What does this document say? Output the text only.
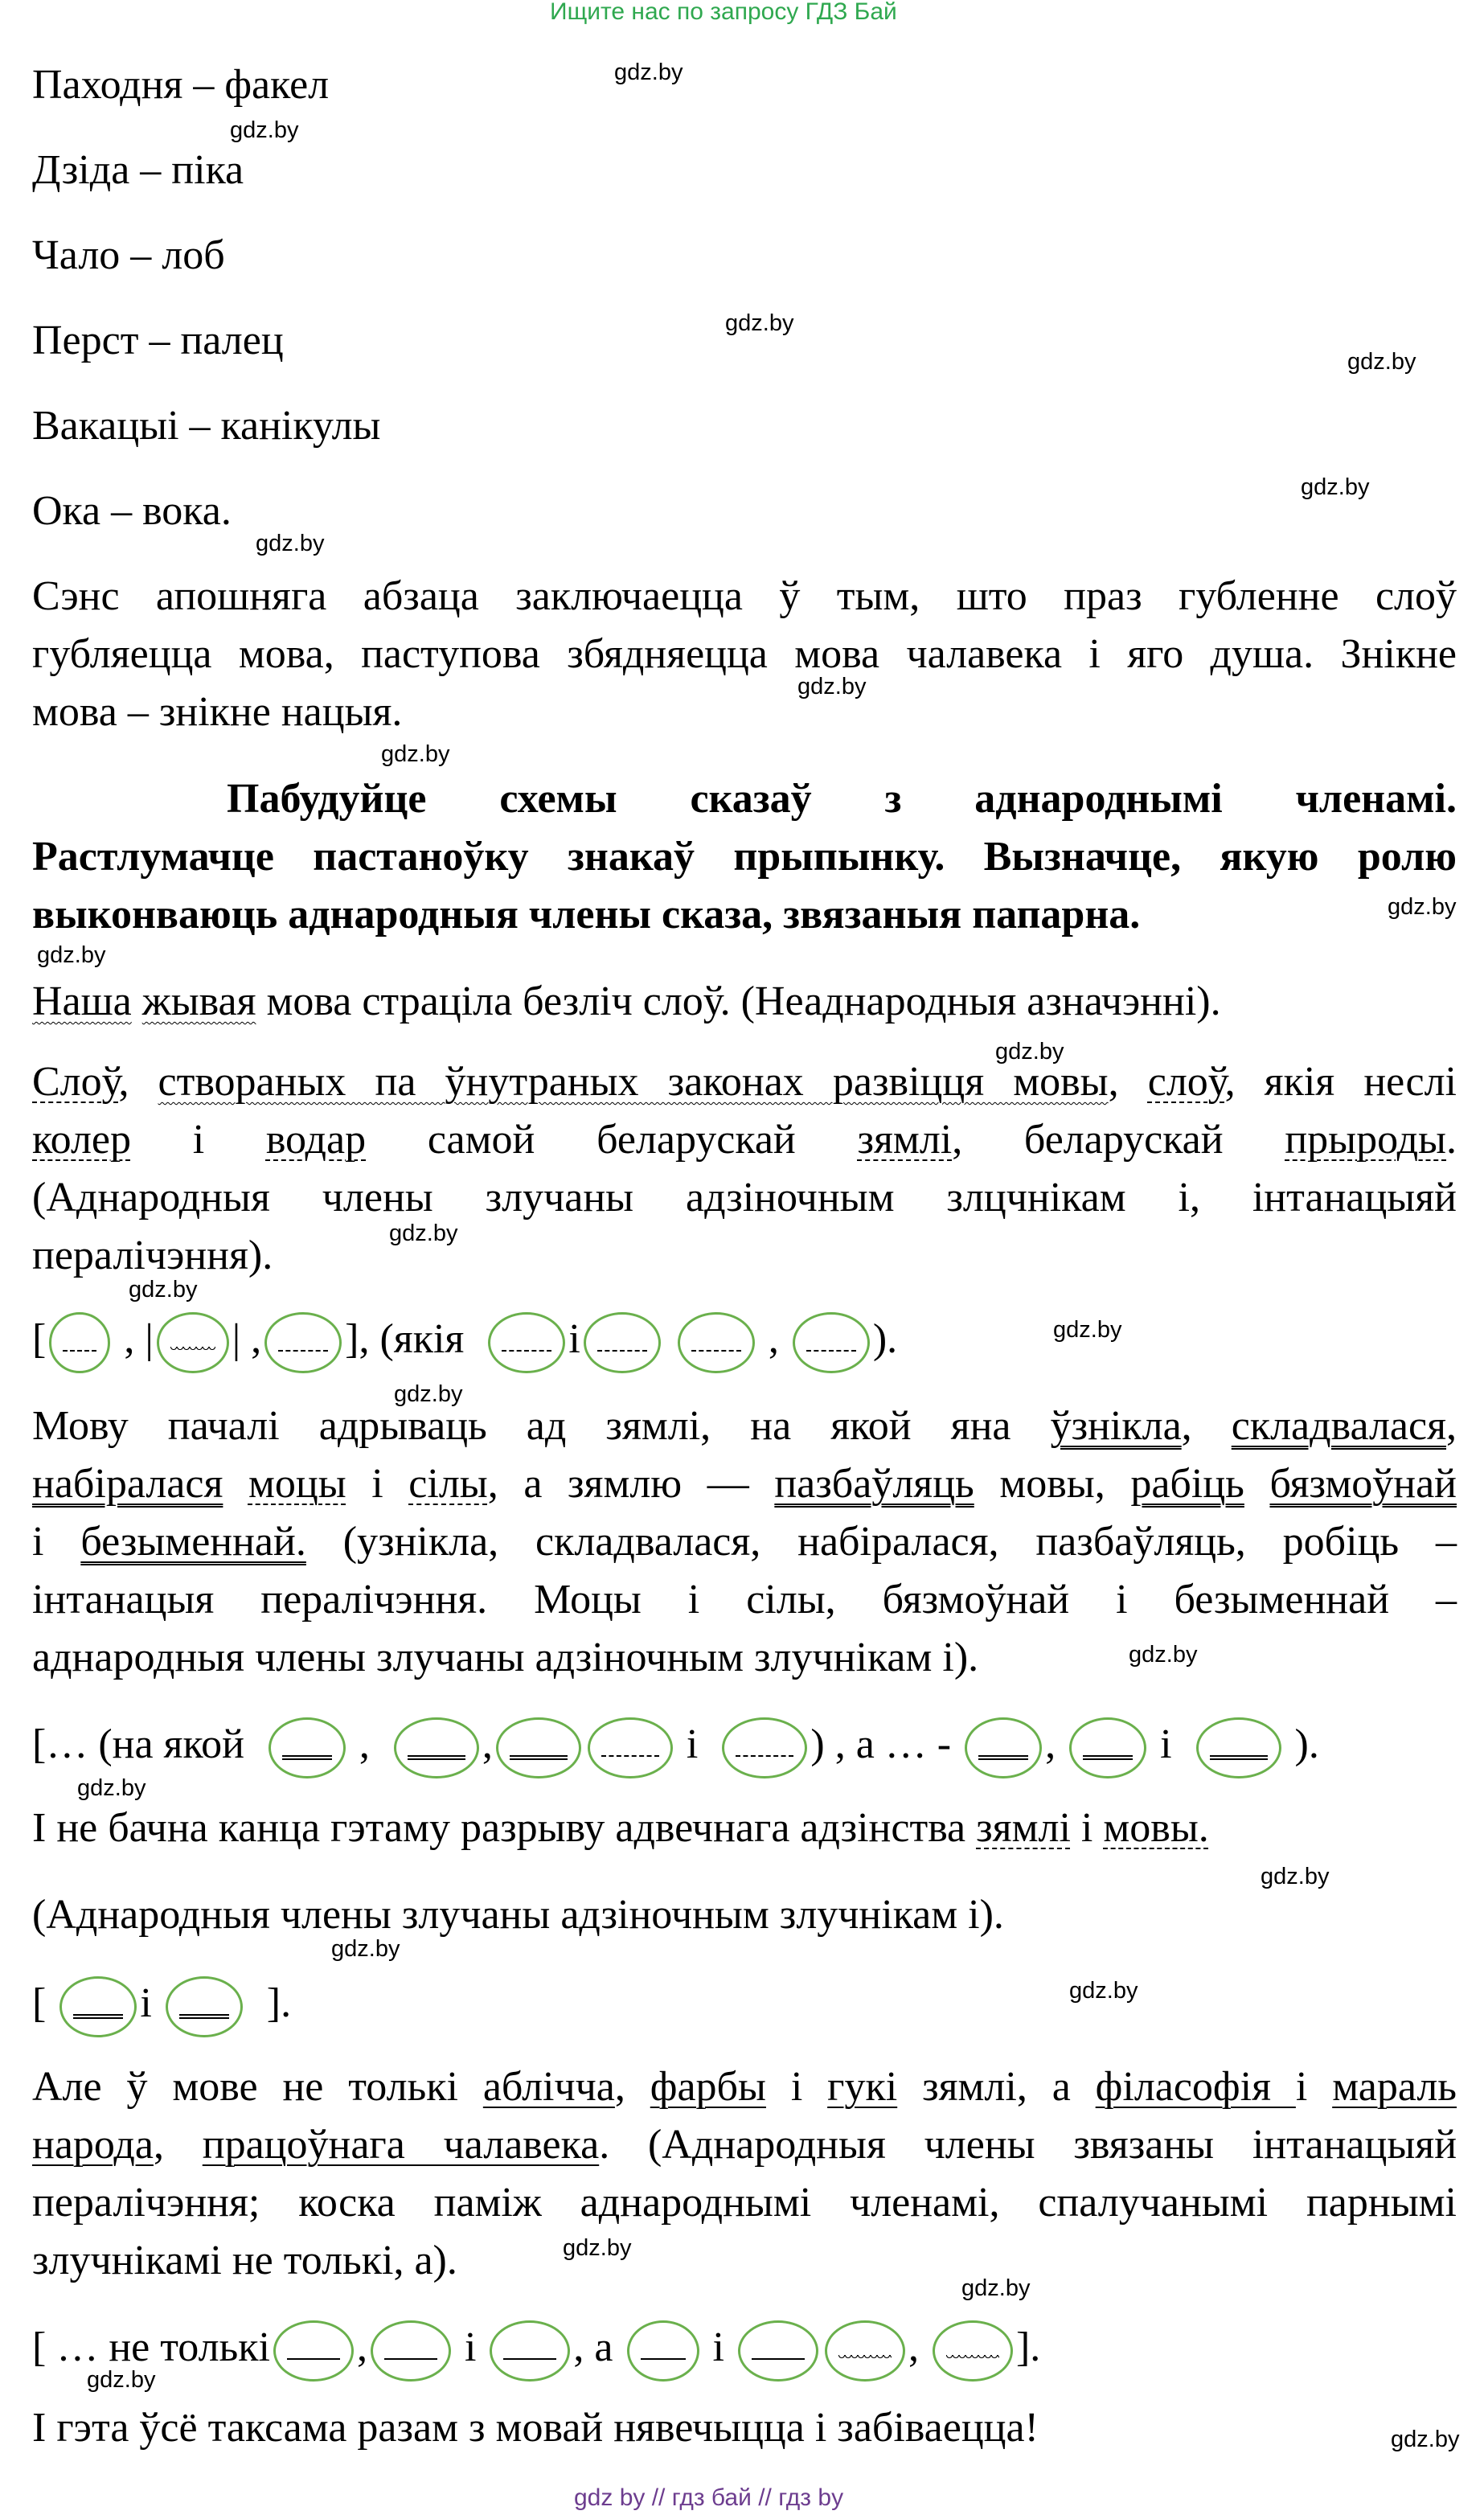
Ищите нас по запросу ГДЗ Бай
Паходня – факел
Дзіда – піка
Чало – лоб
Перст – палец
Вакацыі – канікулы
Ока – вока.
Сэнс апошняга абзаца заключаецца ў тым, што праз губленне слоў
губляецца мова, паступова збядняецца мова чалавека і яго душа. Знікне
мова – знікне нацыя.
Пабудуйце схемы сказаў з аднароднымі членамі.
Растлумачце пастаноўку знакаў прыпынку. Вызначце, якую ролю
выконваюць аднародныя члены сказа, звязаныя папарна.
Наша жывая мова страціла безліч слоў. (Неаднародныя азначэнні).
Слоў, створаных па ўнутраных законах развіцця мовы, слоў, якія неслі
колер і водар самой беларускай зямлі, беларускай прыроды.
(Аднародныя члены злучаны адзіночным злцчнікам і, інтанацыяй
пералічэння).
[ , | | , ], (якія	і
	, ).
Мову пачалі адрываць ад зямлі, на якой яна ўзнікла, складвалася,
набіралася моцы і сілы, а зямлю — пазбаўляць мовы, рабіць бязмоўнай
і безыменнай. (узнікла, складвалася, набіралася, пазбаўляць, робіць –
інтанацыя пералічэння. Моцы і сілы, бязмоўнай і безыменнай –
аднародныя члены злучаны адзіночным злучнікам і).
[… (на якой	,	,	і	) , а … - ,	і	).
І не бачна канца гэтаму разрыву адвечнага адзінства зямлі і мовы.
(Аднародныя члены злучаны адзіночным злучнікам і).
[ і	].
Але ў мове не толькі аблічча, фарбы і гукі зямлі, а філасофія і мараль
народа, працоўнага чалавека. (Аднародныя члены звязаны інтанацыяй
пералічэння; коска паміж аднароднымі членамі, спалучанымі парнымі
злучнікамі не толькі, а).
[ … не толькі , і , а і	, ].
І гэта ўсё таксама разам з мовай нявечыцца і забіваецца!
gdz.by
gdz.by
gdz.by
gdz.by
gdz.by
gdz.by
gdz.by
gdz.by
gdz.by
gdz.by
gdz.by
gdz.by
gdz.by
gdz.by
gdz.by
gdz.by
gdz.by
gdz.by
gdz.by
gdz.by
gdz.by
gdz.by
gdz.by
gdz.by
gdz by // гдз бай // гдз by
